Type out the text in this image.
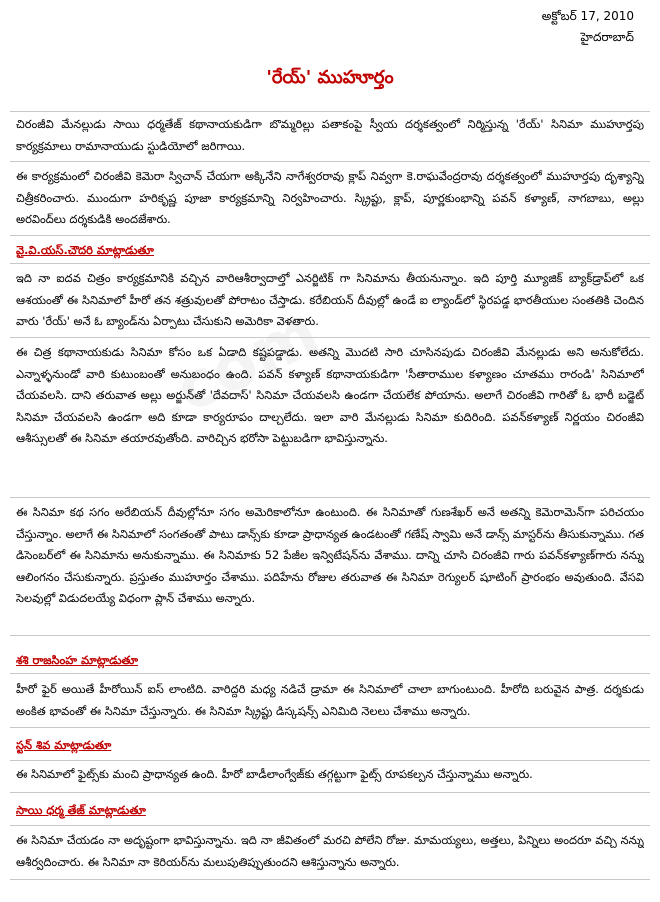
అక్టోబర్ 17, 2010
హైదరాబాద్
'రేయ్' ముహూర్తం
చిరంజీవి మేనల్లుడు సాయి ధర్మతేజ్ కథానాయకుడిగా బొమ్మరిల్లు పతాకంపై స్వీయ దర్శకత్వంలో నిర్మిస్తున్న 'రేయ్' సినిమా ముహూర్తపు కార్యక్రమాలు రామానాయుడు స్టుడియోలో జరిగాయి.
ఈ కార్యక్రమంలో చిరంజీవి కెమెరా స్విచాన్ చేయగా అక్కినేని నాగేశ్వరరావు క్లాప్ నివ్వగా కె.రాఘవేంద్రరావు దర్శకత్వంలో ముహూర్తపు దృశ్యాన్ని చిత్రీకరించారు. ముందుగా హరికృష్ణ పూజా కార్యక్రమాన్ని నిర్వహించారు. స్క్రిప్టు, క్లాప్, పూర్ణకుంభాన్ని పవన్ కళ్యాణ్, నాగబాబు, అల్లు అరవింద్‌లు దర్శకుడికి అందజేశారు.
వై.వి.యస్.చౌదరి మాట్లాడుతూ
ఇది నా ఐదవ చిత్రం కార్యక్రమానికి వచ్చిన వారిఆశీర్వాదాల్తో ఎనర్జిటిక్ గా సినిమాను తీయనున్నాం. ఇది పూర్తి మ్యూజిక్ బ్యాక్‌డ్రాప్‌లో ఒక ఆశయంతో ఈ సినిమాలో హీరో తన శత్రువులతో పోరాటం చేస్తాడు. కరేబియన్ దీవుల్లో ఉండే ఐ ల్యాండ్‌లో స్థిరపడ్డ భారతీయుల సంతతికి చెందిన వారు 'రేయ్' అనే ఓ బ్యాండ్‌ను ఏర్పాటు చేసుకుని అమెరికా వెళతారు.
ఈ చిత్ర కథానాయకుడు సినిమా కోసం ఒక ఏడాది కష్టపడ్డాడు. అతన్ని మొదటి సారి చూసినపుడు చిరంజీవి మేనల్లుడు అని అనుకోలేదు. ఎన్నాళ్ళనుండో వారి కుటుంబంతో అనుబంధం ఉంది. పవన్ కళ్యాణ్ కథానాయకుడిగా 'సీతారాముల కళ్యాణం చూతము రారండి' సినిమాలో చేయవలసి. దాని తరువాత అల్లు అర్జున్‌తో 'దేవదాస్' సినిమా చేయవలసి ఉండగా చేయలేక పోయాను. అలాగే చిరంజీవి గారితో ఓ భారీ బడ్జెట్ సినిమా చేయవలసి ఉండగా అది కూడా కార్యరూపం దాల్చలేదు. ఇలా వారి మేనల్లుడు సినిమా కుదిరింది. పవన్‌కళ్యాణ్ నిర్ణయం చిరంజీవి ఆశీస్సులతో ఈ సినిమా తయారవుతోంది. వారిచ్చిన భరోసా పెట్టుబడిగా భావిస్తున్నాను.
ఈ సినిమా కథ సగం అరేబియన్ దీవుల్లోనూ సగం అమెరికాలోనూ ఉంటుంది. ఈ సినిమాతో గుణశేఖర్ అనే అతన్ని కెమెరామెన్‌గా పరిచయం చేస్తున్నాం. అలాగే ఈ సినిమాలో సంగతంతో పాటు డాన్స్‌కు కూడా ప్రాధాన్యత ఉండటంతో గణేష్ స్వామి అనే డాన్స్ మాస్టర్‌ను తీసుకున్నాము. గత డిసెంబర్‌లో ఈ సినిమాను అనుకున్నాము. ఈ సినిమాకు 52 పేజీల ఇన్విటేషన్‌ను వేశాము. దాన్ని చూసి చిరంజీవి గారు పవన్‌కళ్యాణ్‌గారు నన్ను ఆలింగనం చేసుకున్నారు. ప్రస్తుతం ముహూర్తం చేశాము. పదిహేను రోజుల తరువాత ఈ సినిమా రెగ్యులర్ షూటింగ్ ప్రారంభం అవుతుంది. వేసవి సెలవుల్లో విడుదలయ్యే విధంగా ప్లాన్ చేశాము అన్నారు.
శశి రాజసింహ మాట్లాడుతూ
హీరో ఫైర్ అయితే హీరోయిన్ ఐస్ లాంటిది. వారిద్దరి మధ్య నడిచే డ్రామా ఈ సినిమాలో చాలా బాగుంటుంది. హీరోది బరువైన పాత్ర. దర్శకుడు అంకిత భావంతో ఈ సినిమా చేస్తున్నారు. ఈ సినిమా స్క్రిప్టు డిస్కషన్స్ ఎనిమిది నెలలు చేశాము అన్నారు.
స్టన్ శివ మాట్లాడుతూ
ఈ సినిమాలో ఫైట్స్‌కు మంచి ప్రాధాన్యత ఉంది. హీరో బాడీలాంగ్వేజ్‌కు తగ్గట్టుగా ఫైట్స్ రూపకల్పన చేస్తున్నాము అన్నారు.
సాయి ధర్మ తేజ్ మాట్లాడుతూ
ఈ సినిమా చేయడం నా అదృష్టంగా భావిస్తున్నాను. ఇది నా జీవితంలో మరచి పోలేని రోజు. మామయ్యలు, అత్తలు, పిన్నిలు అందరూ వచ్చి నన్ను ఆశీర్వదించారు. ఈ సినిమా నా కెరియర్‌ను మలుపుతిప్పుతుందని ఆశిస్తున్నాను అన్నారు.
